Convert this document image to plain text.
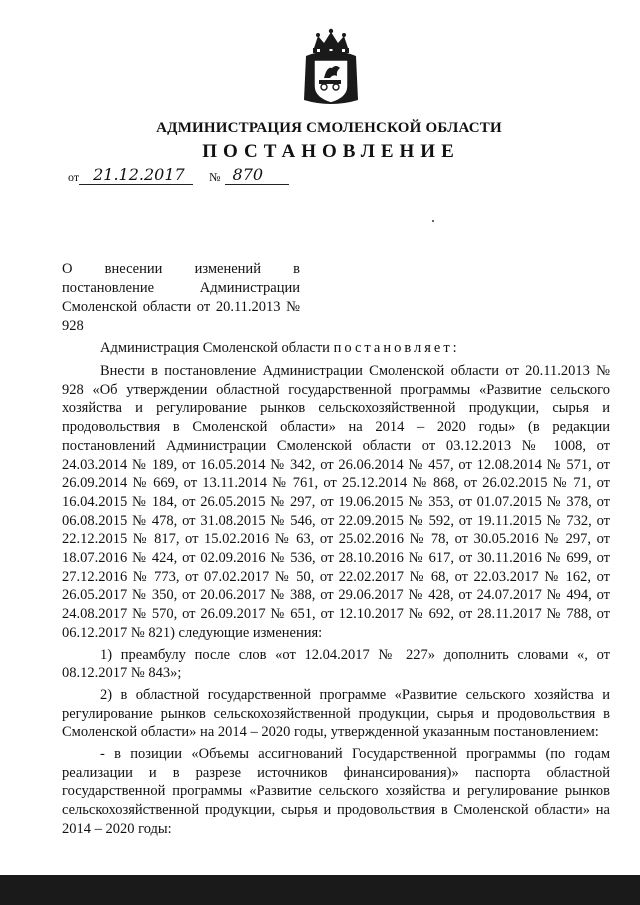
АДМИНИСТРАЦИЯ СМОЛЕНСКОЙ ОБЛАСТИ
ПОСТАНОВЛЕНИЕ
от 21.12.2017	№ 870
О внесении изменений в постановление Администрации Смоленской области от 20.11.2013 № 928
Администрация Смоленской области постановляет:

Внести в постановление Администрации Смоленской области от 20.11.2013 № 928 «Об утверждении областной государственной программы «Развитие сельского хозяйства и регулирование рынков сельскохозяйственной продукции, сырья и продовольствия в Смоленской области» на 2014 – 2020 годы» (в редакции постановлений Администрации Смоленской области от 03.12.2013 № 1008, от 24.03.2014 № 189, от 16.05.2014 № 342, от 26.06.2014 № 457, от 12.08.2014 № 571, от 26.09.2014 № 669, от 13.11.2014 № 761, от 25.12.2014 № 868, от 26.02.2015 № 71, от 16.04.2015 № 184, от 26.05.2015 № 297, от 19.06.2015 № 353, от 01.07.2015 № 378, от 06.08.2015 № 478, от 31.08.2015 № 546, от 22.09.2015 № 592, от 19.11.2015 № 732, от 22.12.2015 № 817, от 15.02.2016 № 63, от 25.02.2016 № 78, от 30.05.2016 № 297, от 18.07.2016 № 424, от 02.09.2016 № 536, от 28.10.2016 № 617, от 30.11.2016 № 699, от 27.12.2016 № 773, от 07.02.2017 № 50, от 22.02.2017 № 68, от 22.03.2017 № 162, от 26.05.2017 № 350, от 20.06.2017 № 388, от 29.06.2017 № 428, от 24.07.2017 № 494, от 24.08.2017 № 570, от 26.09.2017 № 651, от 12.10.2017 № 692, от 28.11.2017 № 788, от 06.12.2017 № 821) следующие изменения:

1) преамбулу после слов «от 12.04.2017 № 227» дополнить словами «, от 08.12.2017 № 843»;

2) в областной государственной программе «Развитие сельского хозяйства и регулирование рынков сельскохозяйственной продукции, сырья и продовольствия в Смоленской области» на 2014 – 2020 годы, утвержденной указанным постановлением:

- в позиции «Объемы ассигнований Государственной программы (по годам реализации и в разрезе источников финансирования)» паспорта областной государственной программы «Развитие сельского хозяйства и регулирование рынков сельскохозяйственной продукции, сырья и продовольствия в Смоленской области» на 2014 – 2020 годы:
